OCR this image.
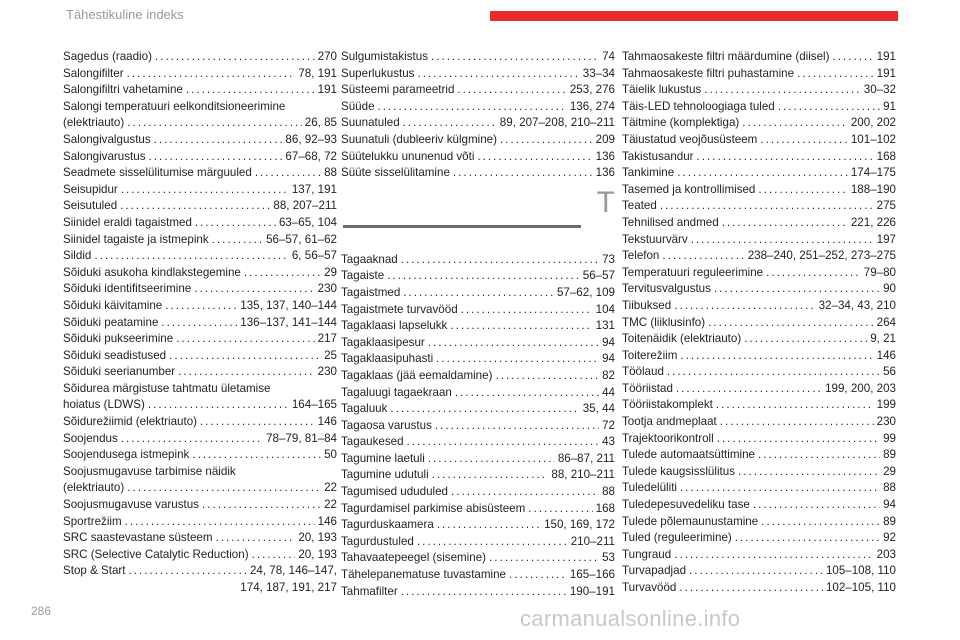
Tähestikuline indeks
Sagedus (raadio) . . .	270
Salongifilter . . .	78, 191
Salongifiltri vahetamine . . .	191
Salongi temperatuuri eelkonditsioneerimine
(elektriauto) . . .	26, 85
Salongivalgustus . . .	86, 92–93
Salongivarustus . . .	67–68, 72
Seadmete sisselülitumise märguuled . . .	88
Seisupidur . . .	137, 191
Seisutuled . . .	88, 207–211
Siinidel eraldi tagaistmed . . .	63–65, 104
Siinidel tagaiste ja istmepink . . .	56–57, 61–62
Sildid . . .	6, 56–57
Sõiduki asukoha kindlakstegemine . . .	29
Sõiduki identifitseerimine . . .	230
Sõiduki käivitamine . . .	135, 137, 140–144
Sõiduki peatamine . . .	136–137, 141–144
Sõiduki pukseerimine . . .	217
Sõiduki seadistused . . .	25
Sõiduki seerianumber . . .	230
Sõidurea märgistuse tahtmatu ületamise
hoiatus (LDWS) . . .	164–165
Sõidurežiimid (elektriauto) . . .	146
Soojendus . . .	78–79, 81–84
Soojendusega istmepink . . .	50
Soojusmugavuse tarbimise näidik
(elektriauto) . . .	22
Soojusmugavuse varustus . . .	22
Sportrežiim . . .	146
SRC saastevastane süsteem . . .	20, 193
SRC (Selective Catalytic Reduction) . . .	20, 193
Stop & Start . . .	24, 78, 146–147,
174, 187, 191, 217
Sulgumistakistus . . .	74
Superlukustus . . .	33–34
Süsteemi parameetrid . . .	253, 276
Süüde . . .	136, 274
Suunatuled . . .	89, 207–208, 210–211
Suunatuli (dubleeriv külgmine) . . .	209
Süütelukku ununenud võti . . .	136
Süüte sisselülitamine . . .	136
T
Tagaaknad . . .	73
Tagaiste . . .	56–57
Tagaistmed . . .	57–62, 109
Tagaistmete turvavööd . . .	104
Tagaklaasi lapselukk . . .	131
Tagaklaasipesur . . .	94
Tagaklaasipuhasti . . .	94
Tagaklaas (jää eemaldamine) . . .	82
Tagaluugi tagaekraan . . .	44
Tagaluuk . . .	35, 44
Tagaosa varustus . . .	72
Tagaukesed . . .	43
Tagumine laetuli . . .	86–87, 211
Tagumine udutuli . . .	88, 210–211
Tagumised ududuled . . .	88
Tagurdamisel parkimise abisüsteem . . .	168
Tagurduskaamera . . .	150, 169, 172
Tagurdustuled . . .	210–211
Tahavaatepeegel (sisemine) . . .	53
Tähelepanematuse tuvastamine . . .	165–166
Tahmafilter . . .	190–191
Tahmaosakeste filtri määrdumine (diisel) . . .	191
Tahmaosakeste filtri puhastamine . . .	191
Täielik lukustus . . .	30–32
Täis-LED tehnoloogiaga tuled . . .	91
Täitmine (komplektiga) . . .	200, 202
Täiustatud veojõusüsteem . . .	101–102
Takistusandur . . .	168
Tankimine . . .	174–175
Tasemed ja kontrollimised . . .	188–190
Teated . . .	275
Tehnilised andmed . . .	221, 226
Tekstuurvärv . . .	197
Telefon . . .	238–240, 251–252, 273–275
Temperatuuri reguleerimine . . .	79–80
Tervitusvalgustus . . .	90
Tiibuksed . . .	32–34, 43, 210
TMC (liiklusinfo) . . .	264
Toitenäidik (elektriauto) . . .	9, 21
Toiterežiim . . .	146
Töölaud . . .	56
Tööriistad . . .	199, 200, 203
Tööriistakomplekt . . .	199
Tootja andmeplaat . . .	230
Trajektoorikontroll . . .	99
Tulede automaatsüttimine . . .	89
Tulede kaugsisslülitus . . .	29
Tuledelüliti . . .	88
Tuledepesuvedeliku tase . . .	94
Tulede põlemaunustamine . . .	89
Tuled (reguleerimine) . . .	92
Tungraud . . .	203
Turvapadjad . . .	105–108, 110
Turvavööd . . .	102–105, 110
286	carmanualsonline.info
